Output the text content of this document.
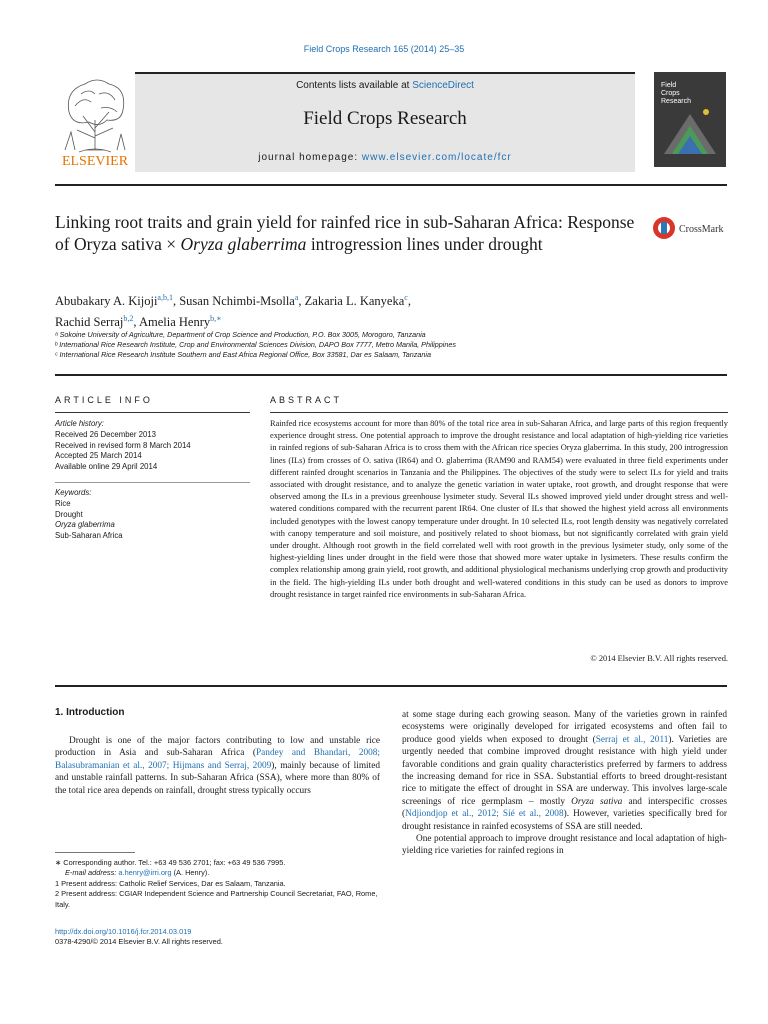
Field Crops Research 165 (2014) 25–35
ELSEVIER
Contents lists available at ScienceDirect
Field Crops Research
journal homepage: www.elsevier.com/locate/fcr
Field Crops Research
Linking root traits and grain yield for rainfed rice in sub-Saharan Africa: Response of Oryza sativa × Oryza glaberrima introgression lines under drought
CrossMark
Abubakary A. Kijoji$^{a,b,1}$, Susan Nchimbi-Msolla$^a$, Zakaria L. Kanyeka$^c$,
Rachid Serraj$^{b,2}$, Amelia Henry$^{b,∗}$
ᵃ Sokoine University of Agriculture, Department of Crop Science and Production, P.O. Box 3005, Morogoro, Tanzania
ᵇ International Rice Research Institute, Crop and Environmental Sciences Division, DAPO Box 7777, Metro Manila, Philippines
ᶜ International Rice Research Institute Southern and East Africa Regional Office, Box 33581, Dar es Salaam, Tanzania
ARTICLE INFO
Article history:
Received 26 December 2013
Received in revised form 8 March 2014
Accepted 25 March 2014
Available online 29 April 2014
Keywords:
Rice
Drought
Oryza glaberrima
Sub-Saharan Africa
ABSTRACT
Rainfed rice ecosystems account for more than 80% of the total rice area in sub-Saharan Africa, and large parts of this region frequently experience drought stress. One potential approach to improve the drought resistance and local adaptation of high-yielding rice varieties in rainfed regions of sub-Saharan Africa is to cross them with the African rice species Oryza glaberrima. In this study, 200 introgression lines (ILs) from crosses of O. sativa (IR64) and O. glaberrima (RAM90 and RAM54) were evaluated in three field experiments under different rainfed drought scenarios in Tanzania and the Philippines. The objectives of the study were to select ILs for yield and traits associated with drought resistance, and to analyze the genetic variation in water uptake, root growth, and drought response that were observed among the ILs in a previous greenhouse lysimeter study. Several ILs showed improved yield under drought stress and well-watered conditions compared with the recurrent parent IR64. One cluster of ILs that showed the highest yield across all environments included genotypes with the lowest canopy temperature under drought. In 10 selected ILs, root length density was negatively correlated with canopy temperature and soil moisture, and positively related to shoot biomass, but not significantly correlated with grain yield under drought. Although root growth in the field correlated well with root growth in the previous lysimeter study, only some of the highest-yielding lines under drought in the field were those that showed more water uptake in lysimeters. These results confirm the complex relationship among grain yield, root growth, and additional physiological mechanisms underlying crop growth and productivity in the field. The high-yielding ILs under both drought and well-watered conditions in this study can be used as donors to improve drought resistance in target rainfed rice environments in sub-Saharan Africa.
© 2014 Elsevier B.V. All rights reserved.
1. Introduction

Drought is one of the major factors contributing to low and unstable rice production in Asia and sub-Saharan Africa (Pandey and Bhandari, 2008; Balasubramanian et al., 2007; Hijmans and Serraj, 2009), mainly because of limited and unstable rainfall patterns. In sub-Saharan Africa (SSA), where more than 80% of the total rice area depends on rainfall, drought stress typically occurs

at some stage during each growing season. Many of the varieties grown in rainfed ecosystems were originally developed for irrigated ecosystems and often fail to produce good yields when exposed to drought (Serraj et al., 2011). Varieties are urgently needed that combine improved drought resistance with high yield under favorable conditions and grain quality characteristics preferred by farmers to address the increasing demand for rice in SSA. Substantial efforts to breed drought-resistant rice to mitigate the effect of drought in SSA are underway. This involves large-scale screenings of rice germplasm – mostly Oryza sativa and interspecific crosses (Ndjiondjop et al., 2012; Sié et al., 2008). However, varieties specifically bred for drought resistance in rainfed ecosystems of SSA are still needed.

One potential approach to improve drought resistance and local adaptation of high-yielding rice varieties for rainfed regions in

∗ Corresponding author. Tel.: +63 49 536 2701; fax: +63 49 536 7995.
E-mail address: a.henry@irri.org (A. Henry).
1 Present address: Catholic Relief Services, Dar es Salaam, Tanzania.
2 Present address: CGIAR Independent Science and Partnership Council Secretariat, FAO, Rome, Italy.
http://dx.doi.org/10.1016/j.fcr.2014.03.019
0378-4290/© 2014 Elsevier B.V. All rights reserved.
